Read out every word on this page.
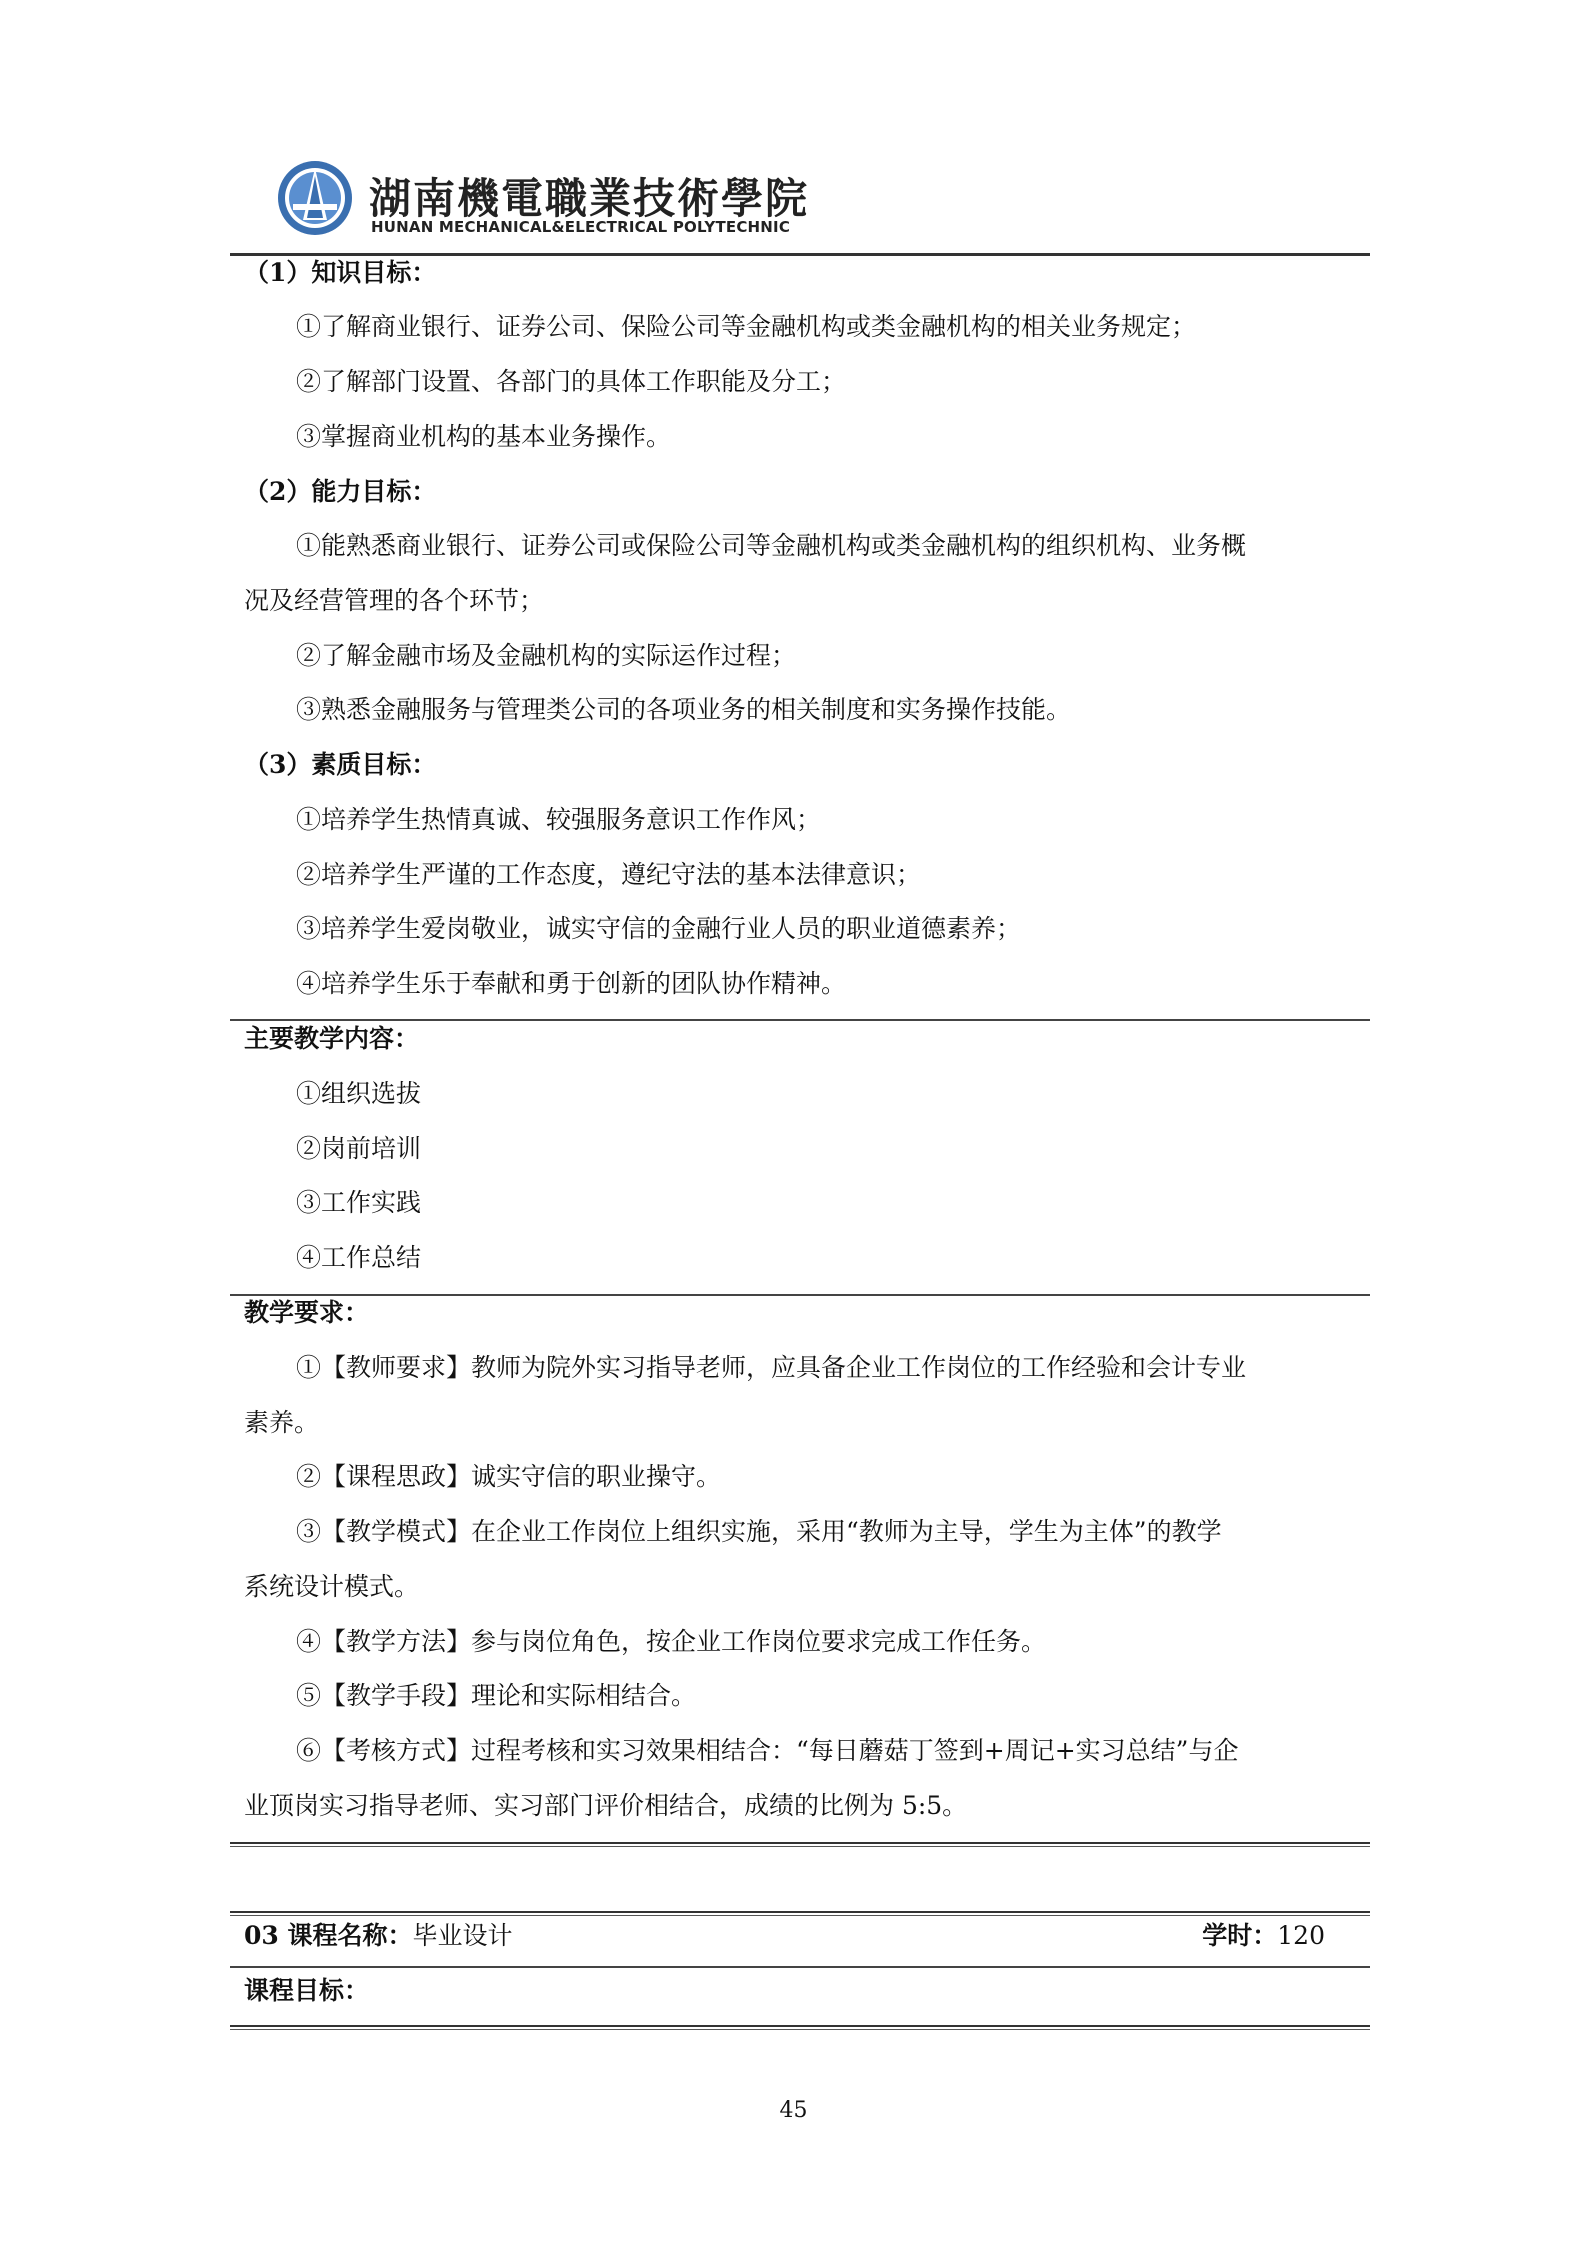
湖南機電職業技術學院
HUNAN MECHANICAL&ELECTRICAL POLYTECHNIC
（1）知识目标：
①了解商业银行、证券公司、保险公司等金融机构或类金融机构的相关业务规定；
②了解部门设置、各部门的具体工作职能及分工；
③掌握商业机构的基本业务操作。
（2）能力目标：
①能熟悉商业银行、证券公司或保险公司等金融机构或类金融机构的组织机构、业务概
况及经营管理的各个环节；
②了解金融市场及金融机构的实际运作过程；
③熟悉金融服务与管理类公司的各项业务的相关制度和实务操作技能。
（3）素质目标：
①培养学生热情真诚、较强服务意识工作作风；
②培养学生严谨的工作态度，遵纪守法的基本法律意识；
③培养学生爱岗敬业，诚实守信的金融行业人员的职业道德素养；
④培养学生乐于奉献和勇于创新的团队协作精神。
主要教学内容：
①组织选拔
②岗前培训
③工作实践
④工作总结
教学要求：
①【教师要求】教师为院外实习指导老师，应具备企业工作岗位的工作经验和会计专业
素养。
②【课程思政】诚实守信的职业操守。
③【教学模式】在企业工作岗位上组织实施，采用“教师为主导，学生为主体”的教学
系统设计模式。
④【教学方法】参与岗位角色，按企业工作岗位要求完成工作任务。
⑤【教学手段】理论和实际相结合。
⑥【考核方式】过程考核和实习效果相结合：“每日蘑菇丁签到+周记+实习总结”与企
业顶岗实习指导老师、实习部门评价相结合，成绩的比例为 5:5。
03 课程名称：毕业设计	学时：120
课程目标：
45
